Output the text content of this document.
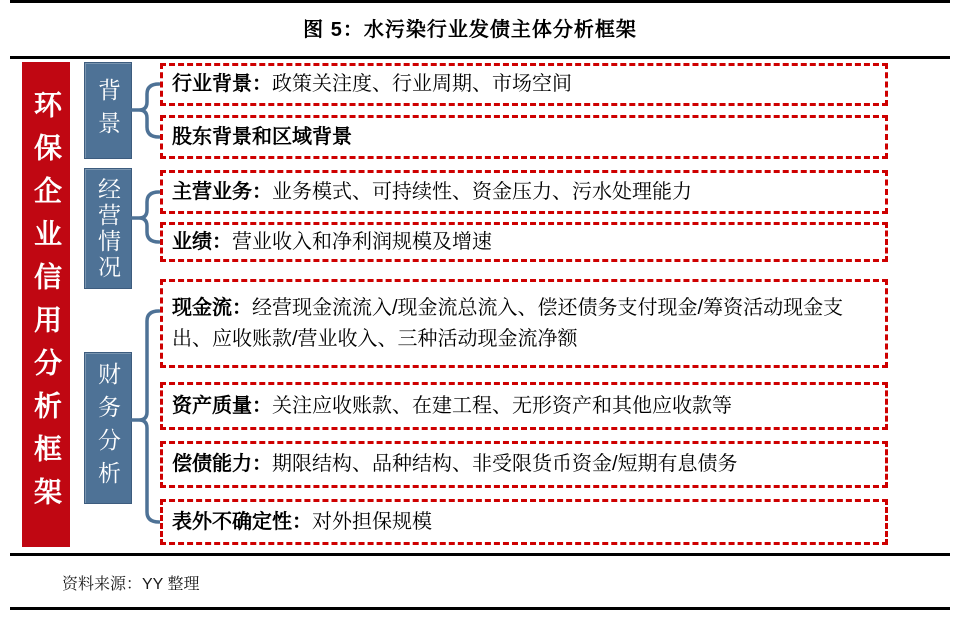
图 5：水污染行业发债主体分析框架
环保企业信用分析框架	背景
经营情况
财务分析
行业背景：政策关注度、行业周期、市场空间
股东背景和区域背景
主营业务：业务模式、可持续性、资金压力、污水处理能力
业绩：营业收入和净利润规模及增速
现金流：经营现金流流入/现金流总流入、偿还债务支付现金/筹资活动现金支出、应收账款/营业收入、三种活动现金流净额
资产质量：关注应收账款、在建工程、无形资产和其他应收款等
偿债能力：期限结构、品种结构、非受限货币资金/短期有息债务
表外不确定性：对外担保规模
资料来源：YY 整理
